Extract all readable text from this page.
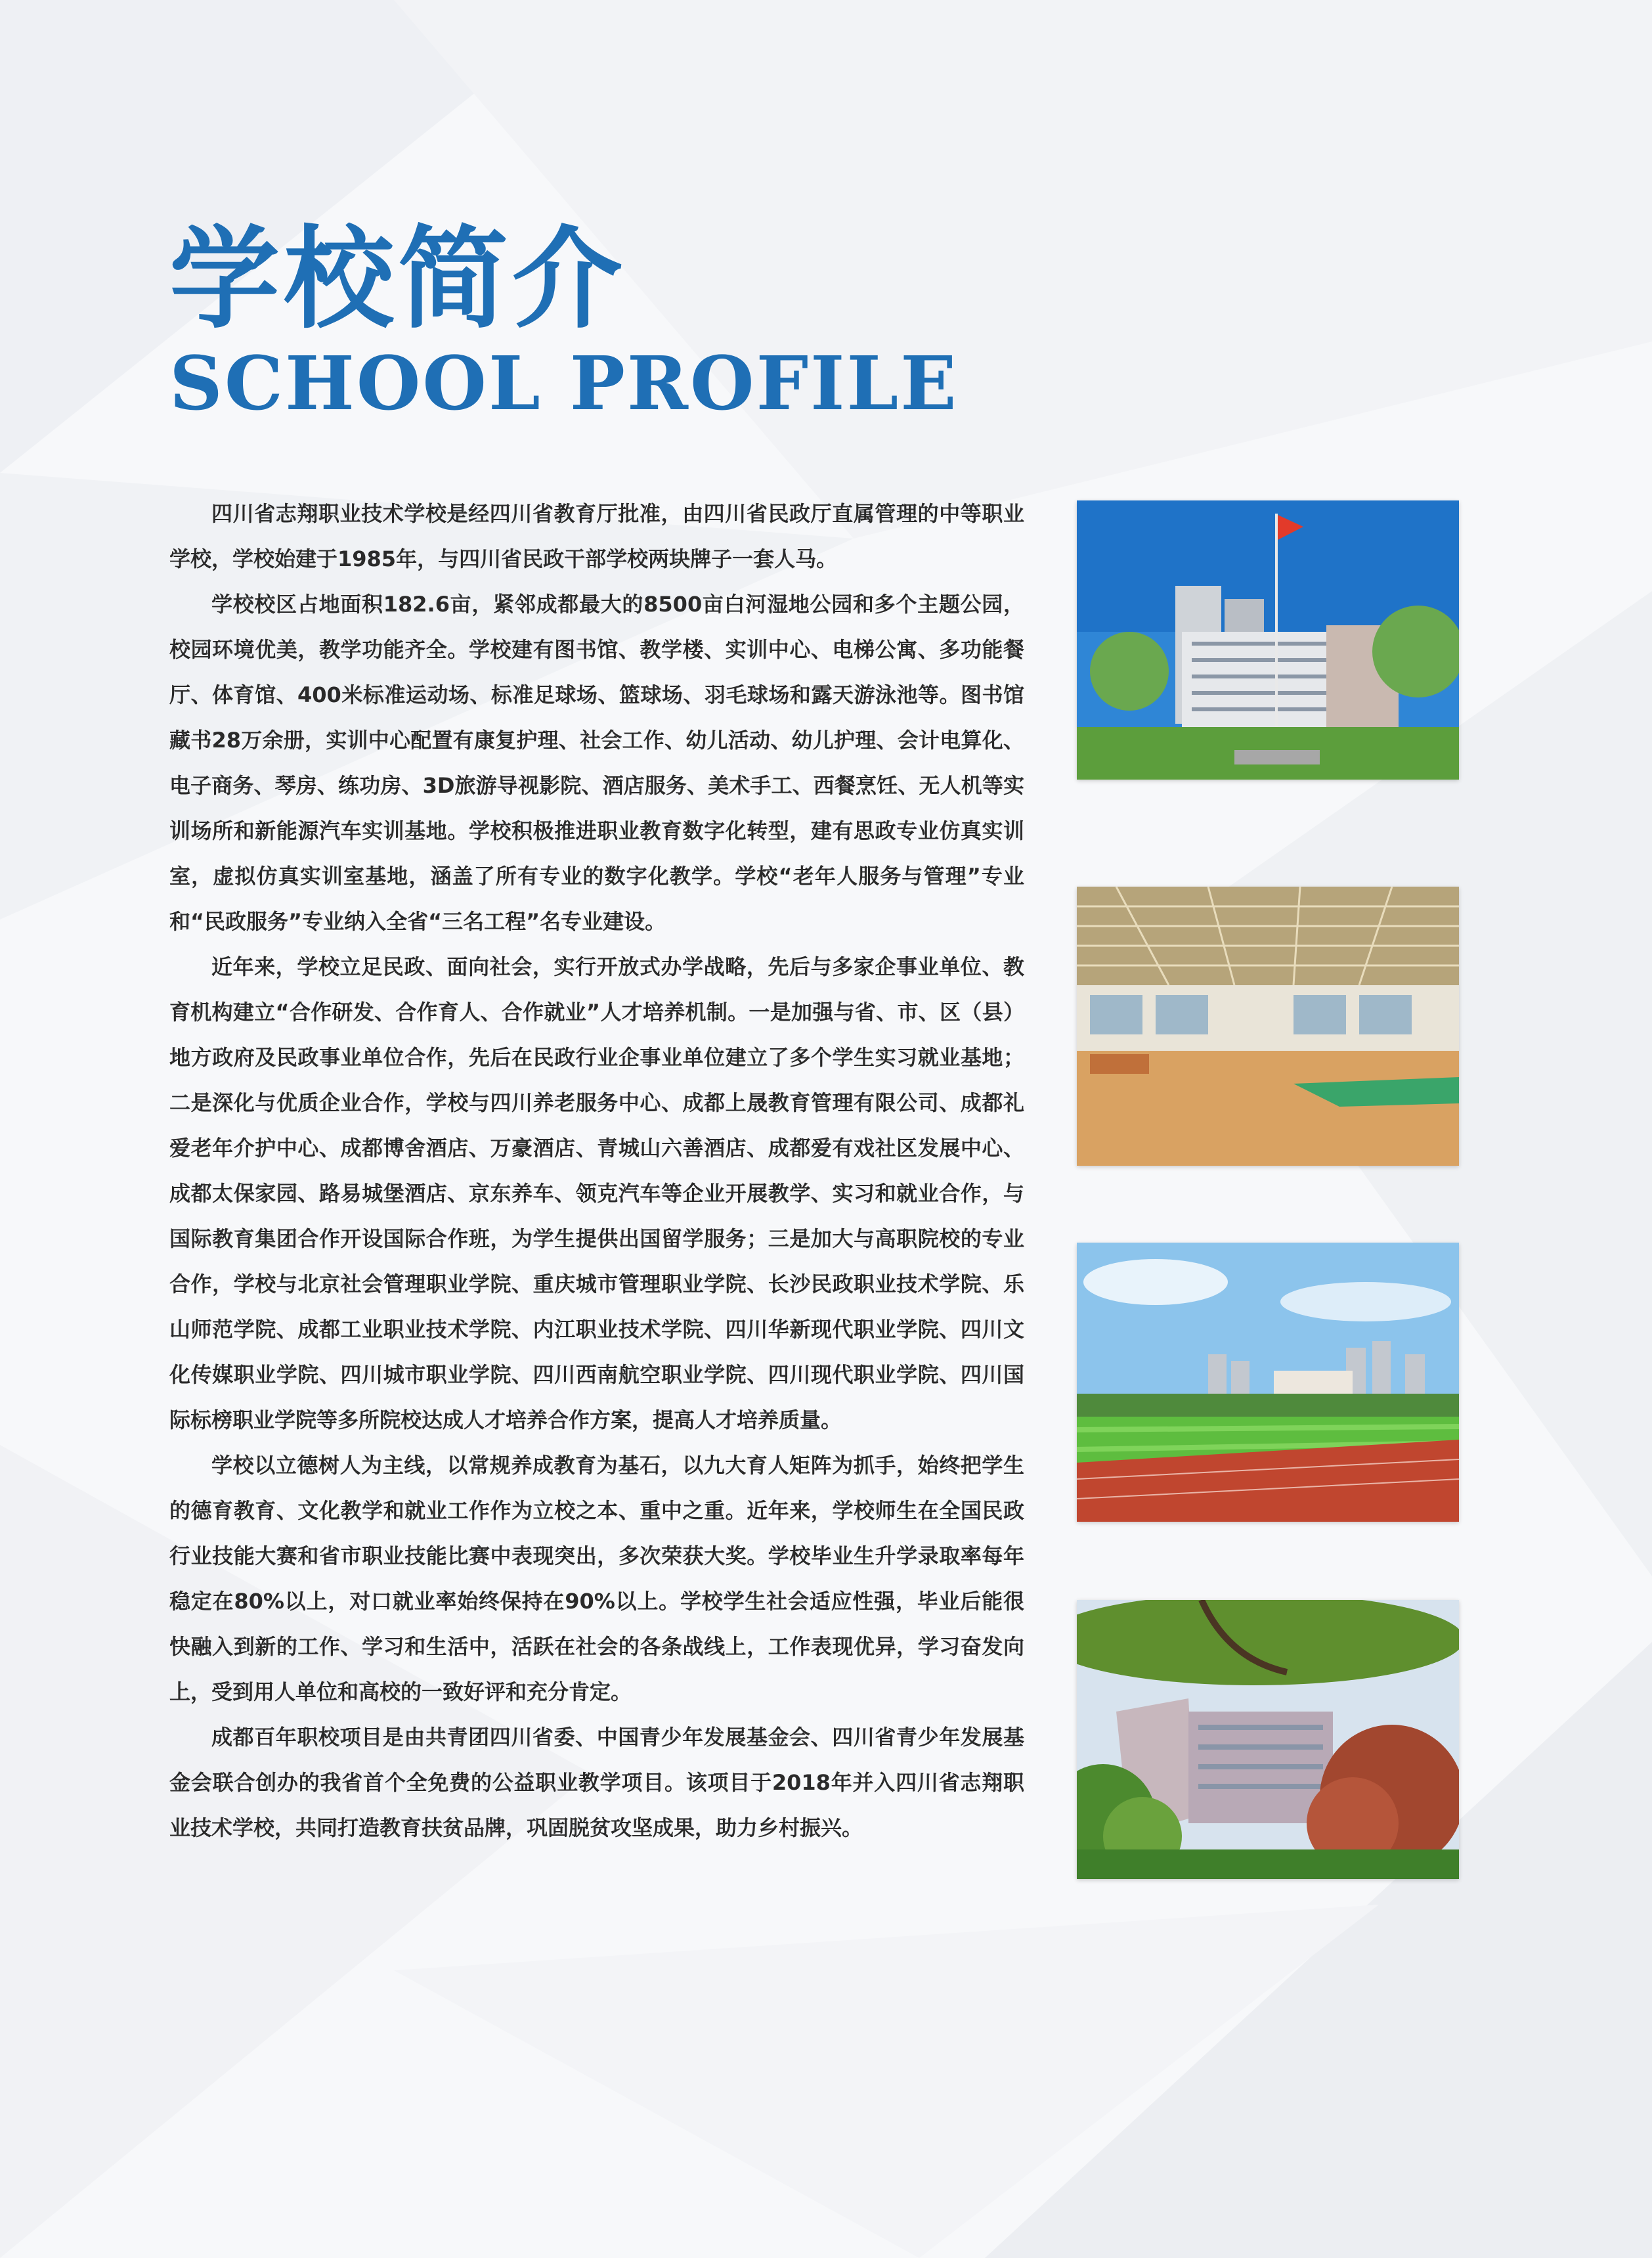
学校简介
SCHOOL PROFILE

四川省志翔职业技术学校是经四川省教育厅批准，由四川省民政厅直属管理的中等职业学校，学校始建于1985年，与四川省民政干部学校两块牌子一套人马。

学校校区占地面积182.6亩，紧邻成都最大的8500亩白河湿地公园和多个主题公园，校园环境优美，教学功能齐全。学校建有图书馆、教学楼、实训中心、电梯公寓、多功能餐厅、体育馆、400米标准运动场、标准足球场、篮球场、羽毛球场和露天游泳池等。图书馆藏书28万余册，实训中心配置有康复护理、社会工作、幼儿活动、幼儿护理、会计电算化、电子商务、琴房、练功房、3D旅游导视影院、酒店服务、美术手工、西餐烹饪、无人机等实训场所和新能源汽车实训基地。学校积极推进职业教育数字化转型，建有思政专业仿真实训室，虚拟仿真实训室基地，涵盖了所有专业的数字化教学。学校“老年人服务与管理”专业和“民政服务”专业纳入全省“三名工程”名专业建设。

近年来，学校立足民政、面向社会，实行开放式办学战略，先后与多家企事业单位、教育机构建立“合作研发、合作育人、合作就业”人才培养机制。一是加强与省、市、区（县）地方政府及民政事业单位合作，先后在民政行业企事业单位建立了多个学生实习就业基地；二是深化与优质企业合作，学校与四川养老服务中心、成都上晟教育管理有限公司、成都礼爱老年介护中心、成都博舍酒店、万豪酒店、青城山六善酒店、成都爱有戏社区发展中心、成都太保家园、路易城堡酒店、京东养车、领克汽车等企业开展教学、实习和就业合作，与国际教育集团合作开设国际合作班，为学生提供出国留学服务；三是加大与高职院校的专业合作，学校与北京社会管理职业学院、重庆城市管理职业学院、长沙民政职业技术学院、乐山师范学院、成都工业职业技术学院、内江职业技术学院、四川华新现代职业学院、四川文化传媒职业学院、四川城市职业学院、四川西南航空职业学院、四川现代职业学院、四川国际标榜职业学院等多所院校达成人才培养合作方案，提高人才培养质量。

学校以立德树人为主线，以常规养成教育为基石，以九大育人矩阵为抓手，始终把学生的德育教育、文化教学和就业工作作为立校之本、重中之重。近年来，学校师生在全国民政行业技能大赛和省市职业技能比赛中表现突出，多次荣获大奖。学校毕业生升学录取率每年稳定在80%以上，对口就业率始终保持在90%以上。学校学生社会适应性强，毕业后能很快融入到新的工作、学习和生活中，活跃在社会的各条战线上，工作表现优异，学习奋发向上，受到用人单位和高校的一致好评和充分肯定。

成都百年职校项目是由共青团四川省委、中国青少年发展基金会、四川省青少年发展基金会联合创办的我省首个全免费的公益职业教学项目。该项目于2018年并入四川省志翔职业技术学校，共同打造教育扶贫品牌，巩固脱贫攻坚成果，助力乡村振兴。
